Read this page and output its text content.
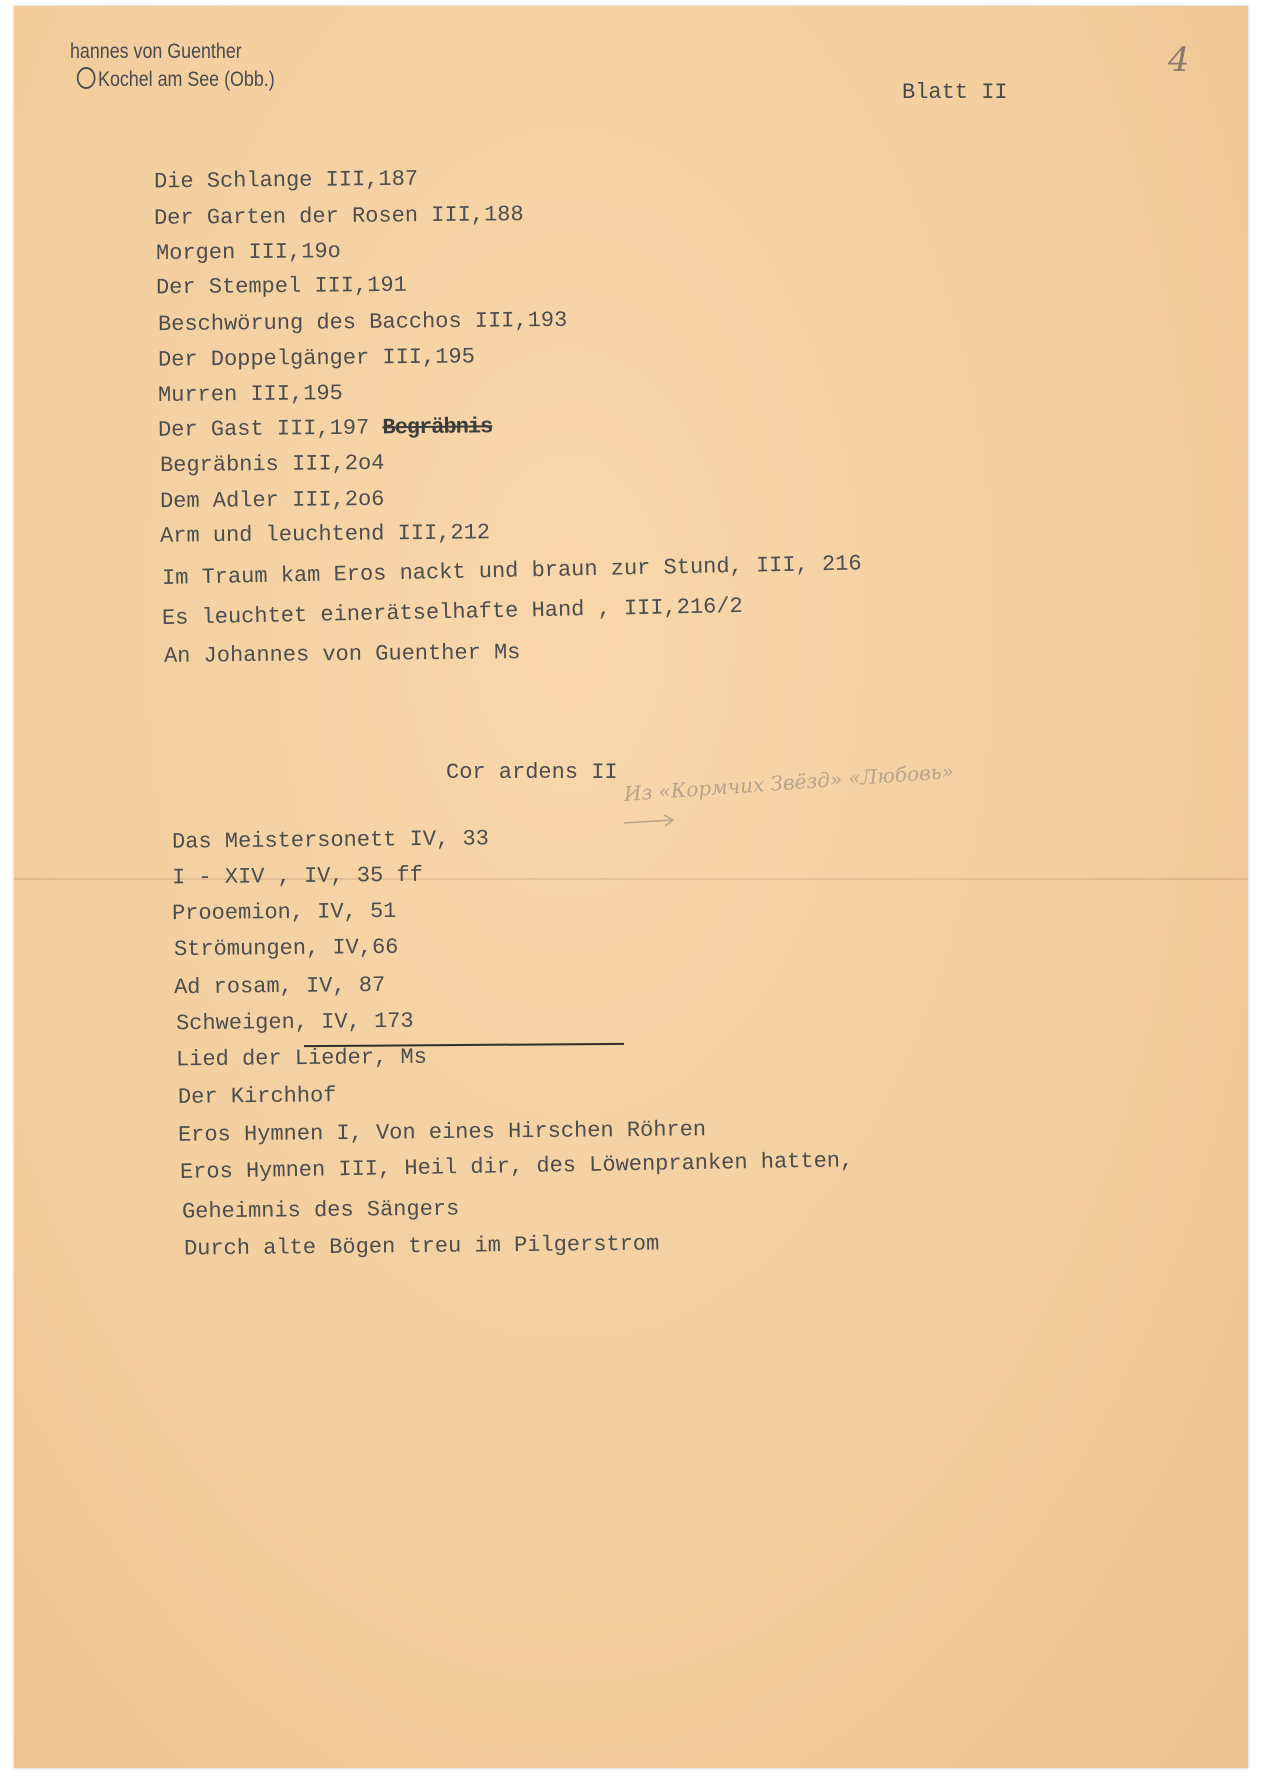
hannes von Guenther
Kochel am See (Obb.)	4
Blatt II
Die Schlange III,187
Der Garten der Rosen III,188
Morgen III,19o
Der Stempel III,191
Beschwörung des Bacchos III,193
Der Doppelgänger III,195
Murren III,195
Der Gast III,197 Begräbnis
Begräbnis III,2o4
Dem Adler III,2o6
Arm und leuchtend III,212
Im Traum kam Eros nackt und braun zur Stund, III, 216
Es leuchtet einerätselhafte Hand , III,216/2
An Johannes von Guenther Ms
Cor ardens II Из «Кормчих Звёзд» «Любовь»
Das Meistersonett IV, 33
I - XIV , IV, 35 ff
Prooemion, IV, 51
Strömungen, IV,66
Ad rosam, IV, 87
Schweigen, IV, 173
Lied der Lieder, Ms
Der Kirchhof
Eros Hymnen I, Von eines Hirschen Röhren
Eros Hymnen III, Heil dir, des Löwenpranken hatten,
Geheimnis des Sängers
Durch alte Bögen treu im Pilgerstrom
